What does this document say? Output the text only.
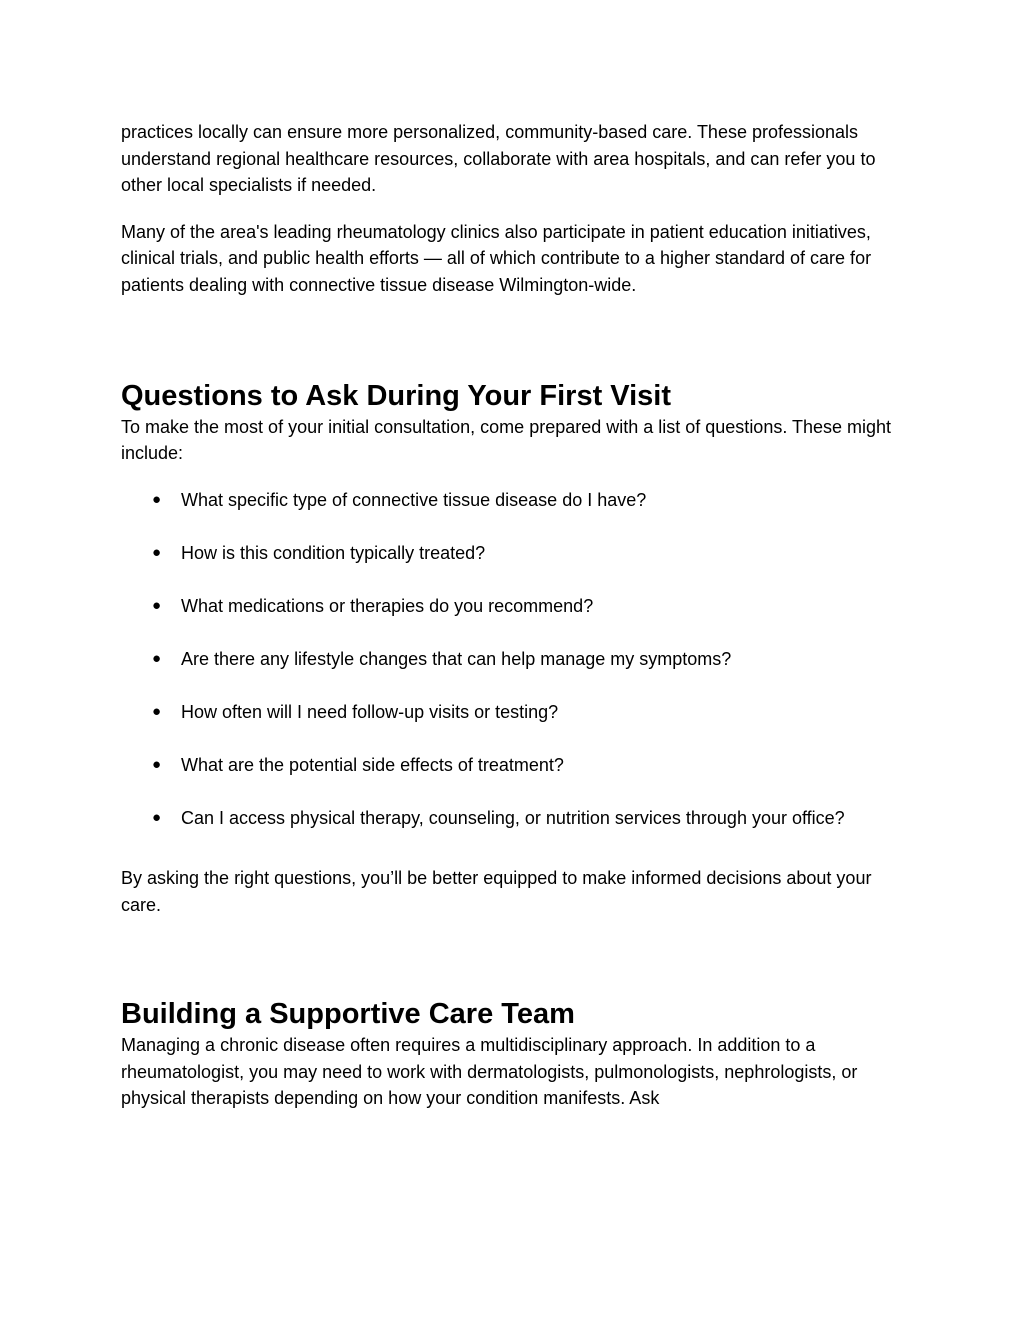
practices locally can ensure more personalized, community-based care. These professionals understand regional healthcare resources, collaborate with area hospitals, and can refer you to other local specialists if needed.

Many of the area's leading rheumatology clinics also participate in patient education initiatives, clinical trials, and public health efforts — all of which contribute to a higher standard of care for patients dealing with connective tissue disease Wilmington-wide.

Questions to Ask During Your First Visit

To make the most of your initial consultation, come prepared with a list of questions. These might include:

● What specific type of connective tissue disease do I have?
● How is this condition typically treated?
● What medications or therapies do you recommend?
● Are there any lifestyle changes that can help manage my symptoms?
● How often will I need follow-up visits or testing?
● What are the potential side effects of treatment?
● Can I access physical therapy, counseling, or nutrition services through your office?

By asking the right questions, you’ll be better equipped to make informed decisions about your care.

Building a Supportive Care Team

Managing a chronic disease often requires a multidisciplinary approach. In addition to a rheumatologist, you may need to work with dermatologists, pulmonologists, nephrologists, or physical therapists depending on how your condition manifests. Ask
